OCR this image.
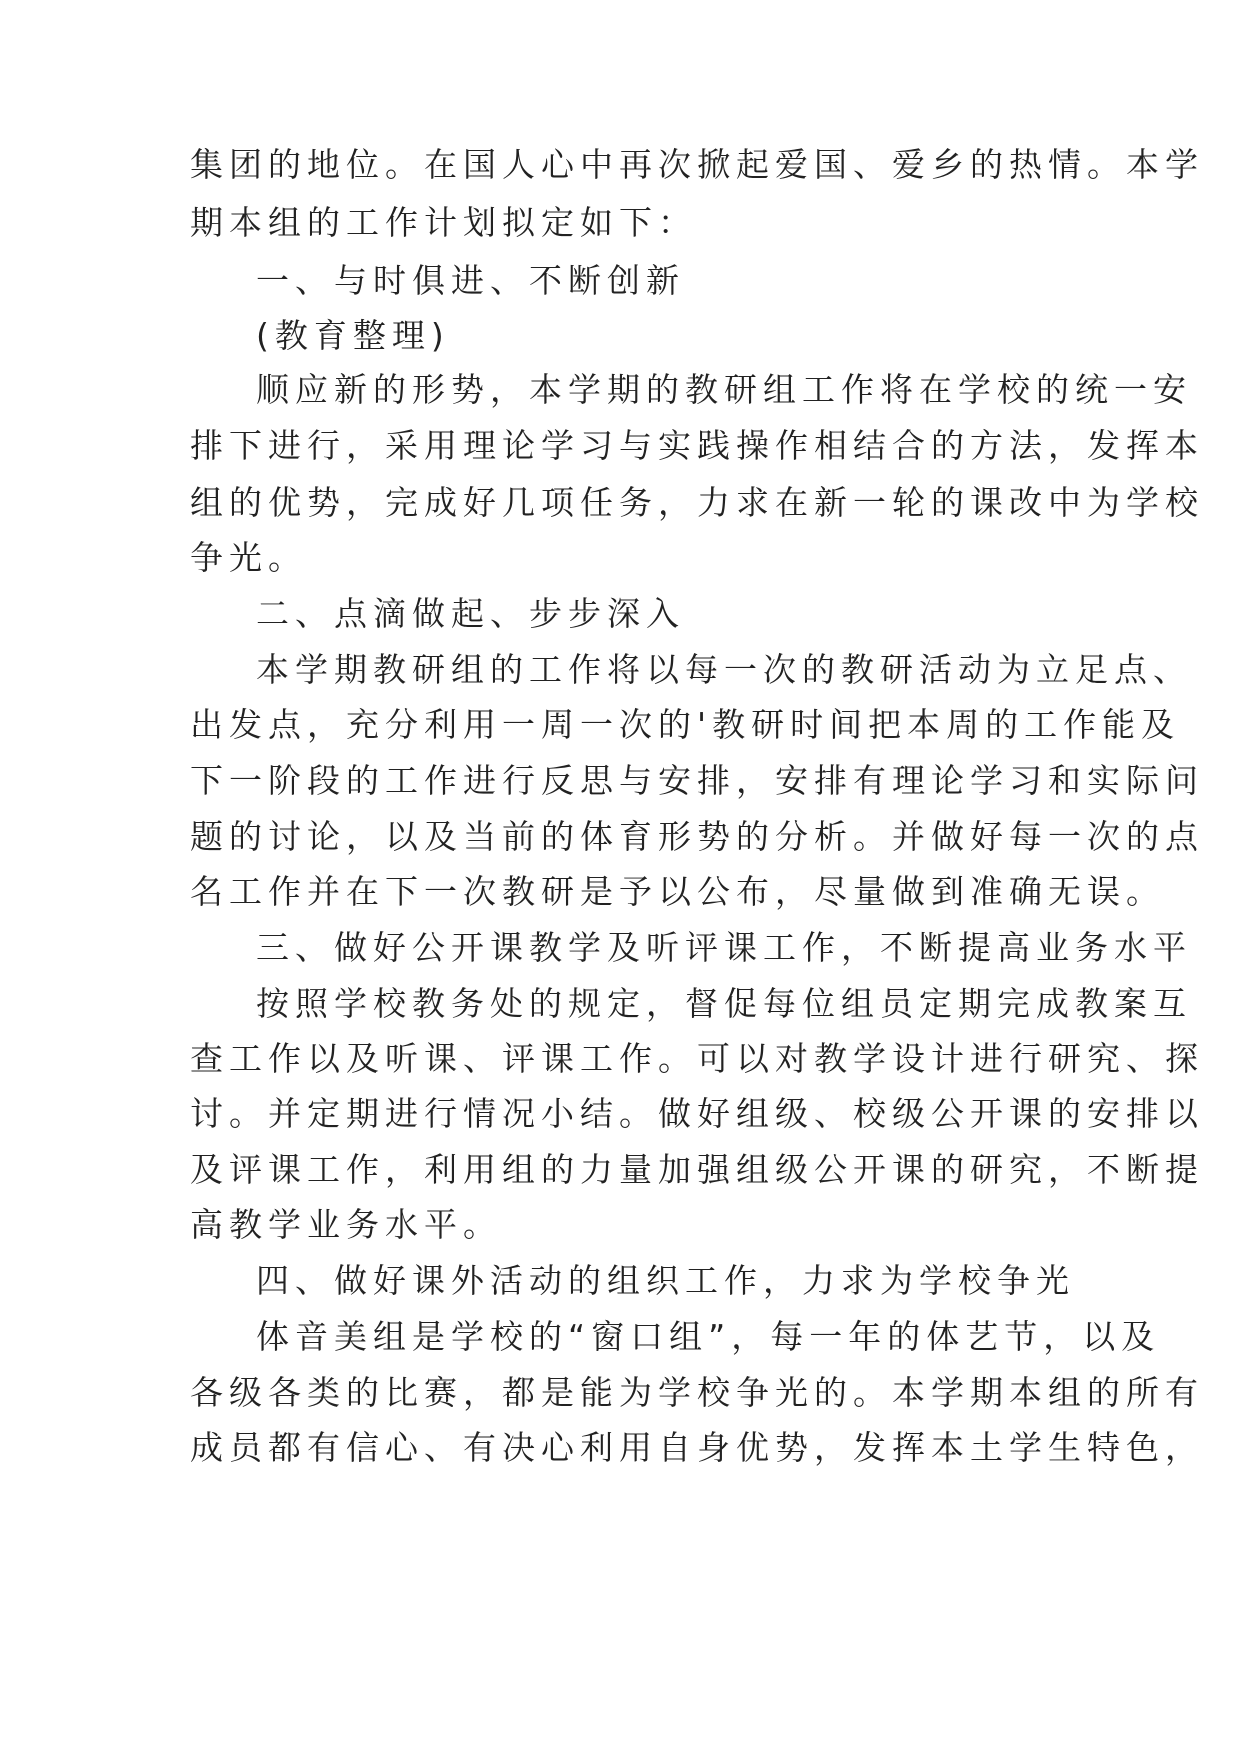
集团的地位。在国人心中再次掀起爱国、爱乡的热情。本学
期本组的工作计划拟定如下：
一、与时俱进、不断创新
(教育整理)
顺应新的形势，本学期的教研组工作将在学校的统一安
排下进行，采用理论学习与实践操作相结合的方法，发挥本
组的优势，完成好几项任务，力求在新一轮的课改中为学校
争光。
二、点滴做起、步步深入
本学期教研组的工作将以每一次的教研活动为立足点、
出发点，充分利用一周一次的'教研时间把本周的工作能及
下一阶段的工作进行反思与安排，安排有理论学习和实际问
题的讨论，以及当前的体育形势的分析。并做好每一次的点
名工作并在下一次教研是予以公布，尽量做到准确无误。
三、做好公开课教学及听评课工作，不断提高业务水平
按照学校教务处的规定，督促每位组员定期完成教案互
查工作以及听课、评课工作。可以对教学设计进行研究、探
讨。并定期进行情况小结。做好组级、校级公开课的安排以
及评课工作，利用组的力量加强组级公开课的研究，不断提
高教学业务水平。
四、做好课外活动的组织工作，力求为学校争光
体音美组是学校的“窗口组”，每一年的体艺节，以及
各级各类的比赛，都是能为学校争光的。本学期本组的所有
成员都有信心、有决心利用自身优势，发挥本土学生特色，
